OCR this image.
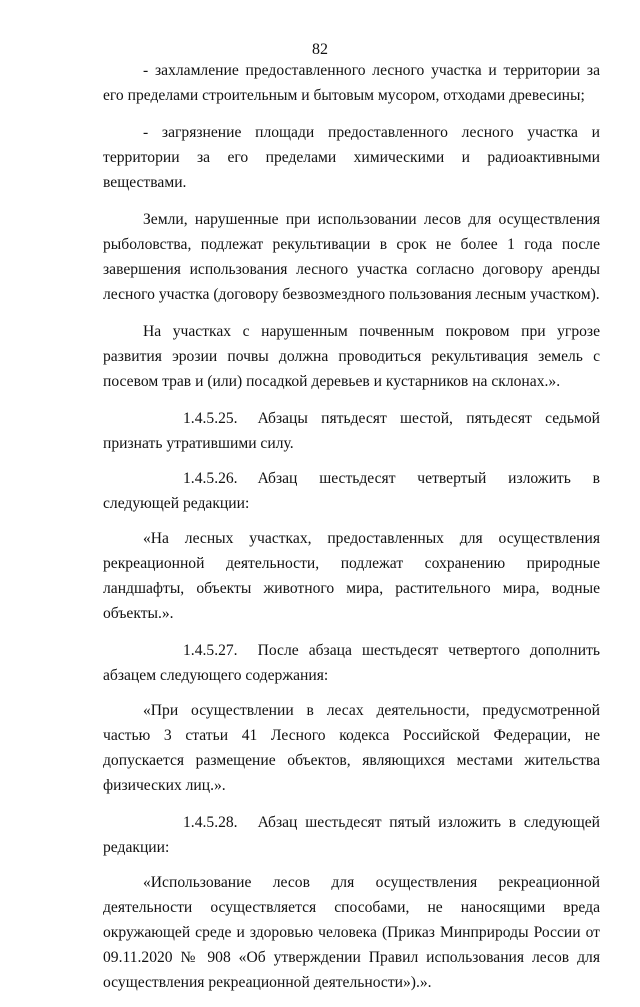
82

- захламление предоставленного лесного участка и территории за его пределами строительным и бытовым мусором, отходами древесины;

- загрязнение площади предоставленного лесного участка и территории за его пределами химическими и радиоактивными веществами.

Земли, нарушенные при использовании лесов для осуществления рыболовства, подлежат рекультивации в срок не более 1 года после завершения использования лесного участка согласно договору аренды лесного участка (договору безвозмездного пользования лесным участком).

На участках с нарушенным почвенным покровом при угрозе развития эрозии почвы должна проводиться рекультивация земель с посевом трав и (или) посадкой деревьев и кустарников на склонах.».

1.4.5.25. Абзацы пятьдесят шестой, пятьдесят седьмой признать утратившими силу.

1.4.5.26. Абзац шестьдесят четвертый изложить в следующей редакции:

«На лесных участках, предоставленных для осуществления рекреационной деятельности, подлежат сохранению природные ландшафты, объекты животного мира, растительного мира, водные объекты.».

1.4.5.27. После абзаца шестьдесят четвертого дополнить абзацем следующего содержания:

«При осуществлении в лесах деятельности, предусмотренной частью 3 статьи 41 Лесного кодекса Российской Федерации, не допускается размещение объектов, являющихся местами жительства физических лиц.».

1.4.5.28. Абзац шестьдесят пятый изложить в следующей редакции:

«Использование лесов для осуществления рекреационной деятельности осуществляется способами, не наносящими вреда окружающей среде и здоровью человека (Приказ Минприроды России от 09.11.2020 № 908 «Об утверждении Правил использования лесов для осуществления рекреационной деятельности»).».
